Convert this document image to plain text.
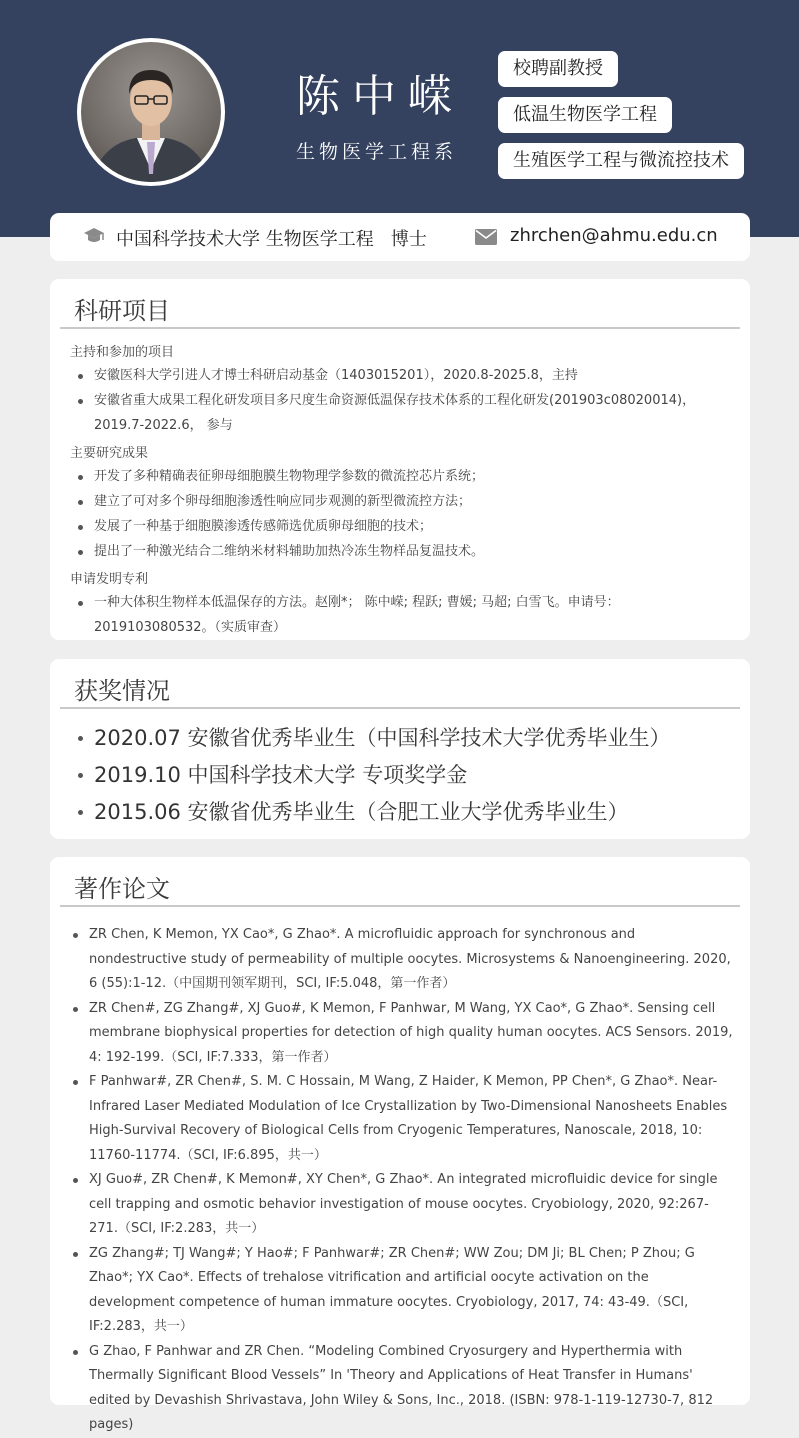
陈中嵘
生物医学工程系
校聘副教授
低温生物医学工程
生殖医学工程与微流控技术
中国科学技术大学 生物医学工程   博士	zhrchen@ahmu.edu.cn
科研项目
主持和参加的项目
安徽医科大学引进人才博士科研启动基金（1403015201），2020.8-2025.8，主持
安徽省重大成果工程化研发项目多尺度生命资源低温保存技术体系的工程化研发(201903c08020014)，2019.7-2022.6， 参与
主要研究成果
开发了多种精确表征卵母细胞膜生物物理学参数的微流控芯片系统；
建立了可对多个卵母细胞渗透性响应同步观测的新型微流控方法；
发展了一种基于细胞膜渗透传感筛选优质卵母细胞的技术；
提出了一种激光结合二维纳米材料辅助加热冷冻生物样品复温技术。
申请发明专利
一种大体积生物样本低温保存的方法。赵刚*； 陈中嵘; 程跃; 曹媛; 马超; 白雪飞。申请号：2019103080532。（实质审查）
获奖情况
2020.07 安徽省优秀毕业生（中国科学技术大学优秀毕业生）
2019.10 中国科学技术大学 专项奖学金
2015.06 安徽省优秀毕业生（合肥工业大学优秀毕业生）
著作论文
ZR Chen, K Memon, YX Cao*, G Zhao*. A microfluidic approach for synchronous and nondestructive study of permeability of multiple oocytes. Microsystems & Nanoengineering. 2020, 6 (55):1-12.（中国期刊领军期刊，SCI, IF:5.048，第一作者）
ZR Chen#, ZG Zhang#, XJ Guo#, K Memon, F Panhwar, M Wang, YX Cao*, G Zhao*. Sensing cell membrane biophysical properties for detection of high quality human oocytes. ACS Sensors. 2019, 4: 192-199.（SCI, IF:7.333，第一作者）
F Panhwar#, ZR Chen#, S. M. C Hossain, M Wang, Z Haider, K Memon, PP Chen*, G Zhao*. Near-Infrared Laser Mediated Modulation of Ice Crystallization by Two-Dimensional Nanosheets Enables High-Survival Recovery of Biological Cells from Cryogenic Temperatures, Nanoscale, 2018, 10: 11760-11774.（SCI, IF:6.895，共一）
XJ Guo#, ZR Chen#, K Memon#, XY Chen*, G Zhao*. An integrated microfluidic device for single cell trapping and osmotic behavior investigation of mouse oocytes. Cryobiology, 2020, 92:267-271.（SCI, IF:2.283，共一）
ZG Zhang#; TJ Wang#; Y Hao#; F Panhwar#; ZR Chen#; WW Zou; DM Ji; BL Chen; P Zhou; G Zhao*; YX Cao*. Effects of trehalose vitrification and artificial oocyte activation on the development competence of human immature oocytes. Cryobiology, 2017, 74: 43-49.（SCI, IF:2.283，共一）
G Zhao, F Panhwar and ZR Chen. “Modeling Combined Cryosurgery and Hyperthermia with Thermally Significant Blood Vessels” In 'Theory and Applications of Heat Transfer in Humans' edited by Devashish Shrivastava, John Wiley & Sons, Inc., 2018. (ISBN: 978-1-119-12730-7, 812 pages)
